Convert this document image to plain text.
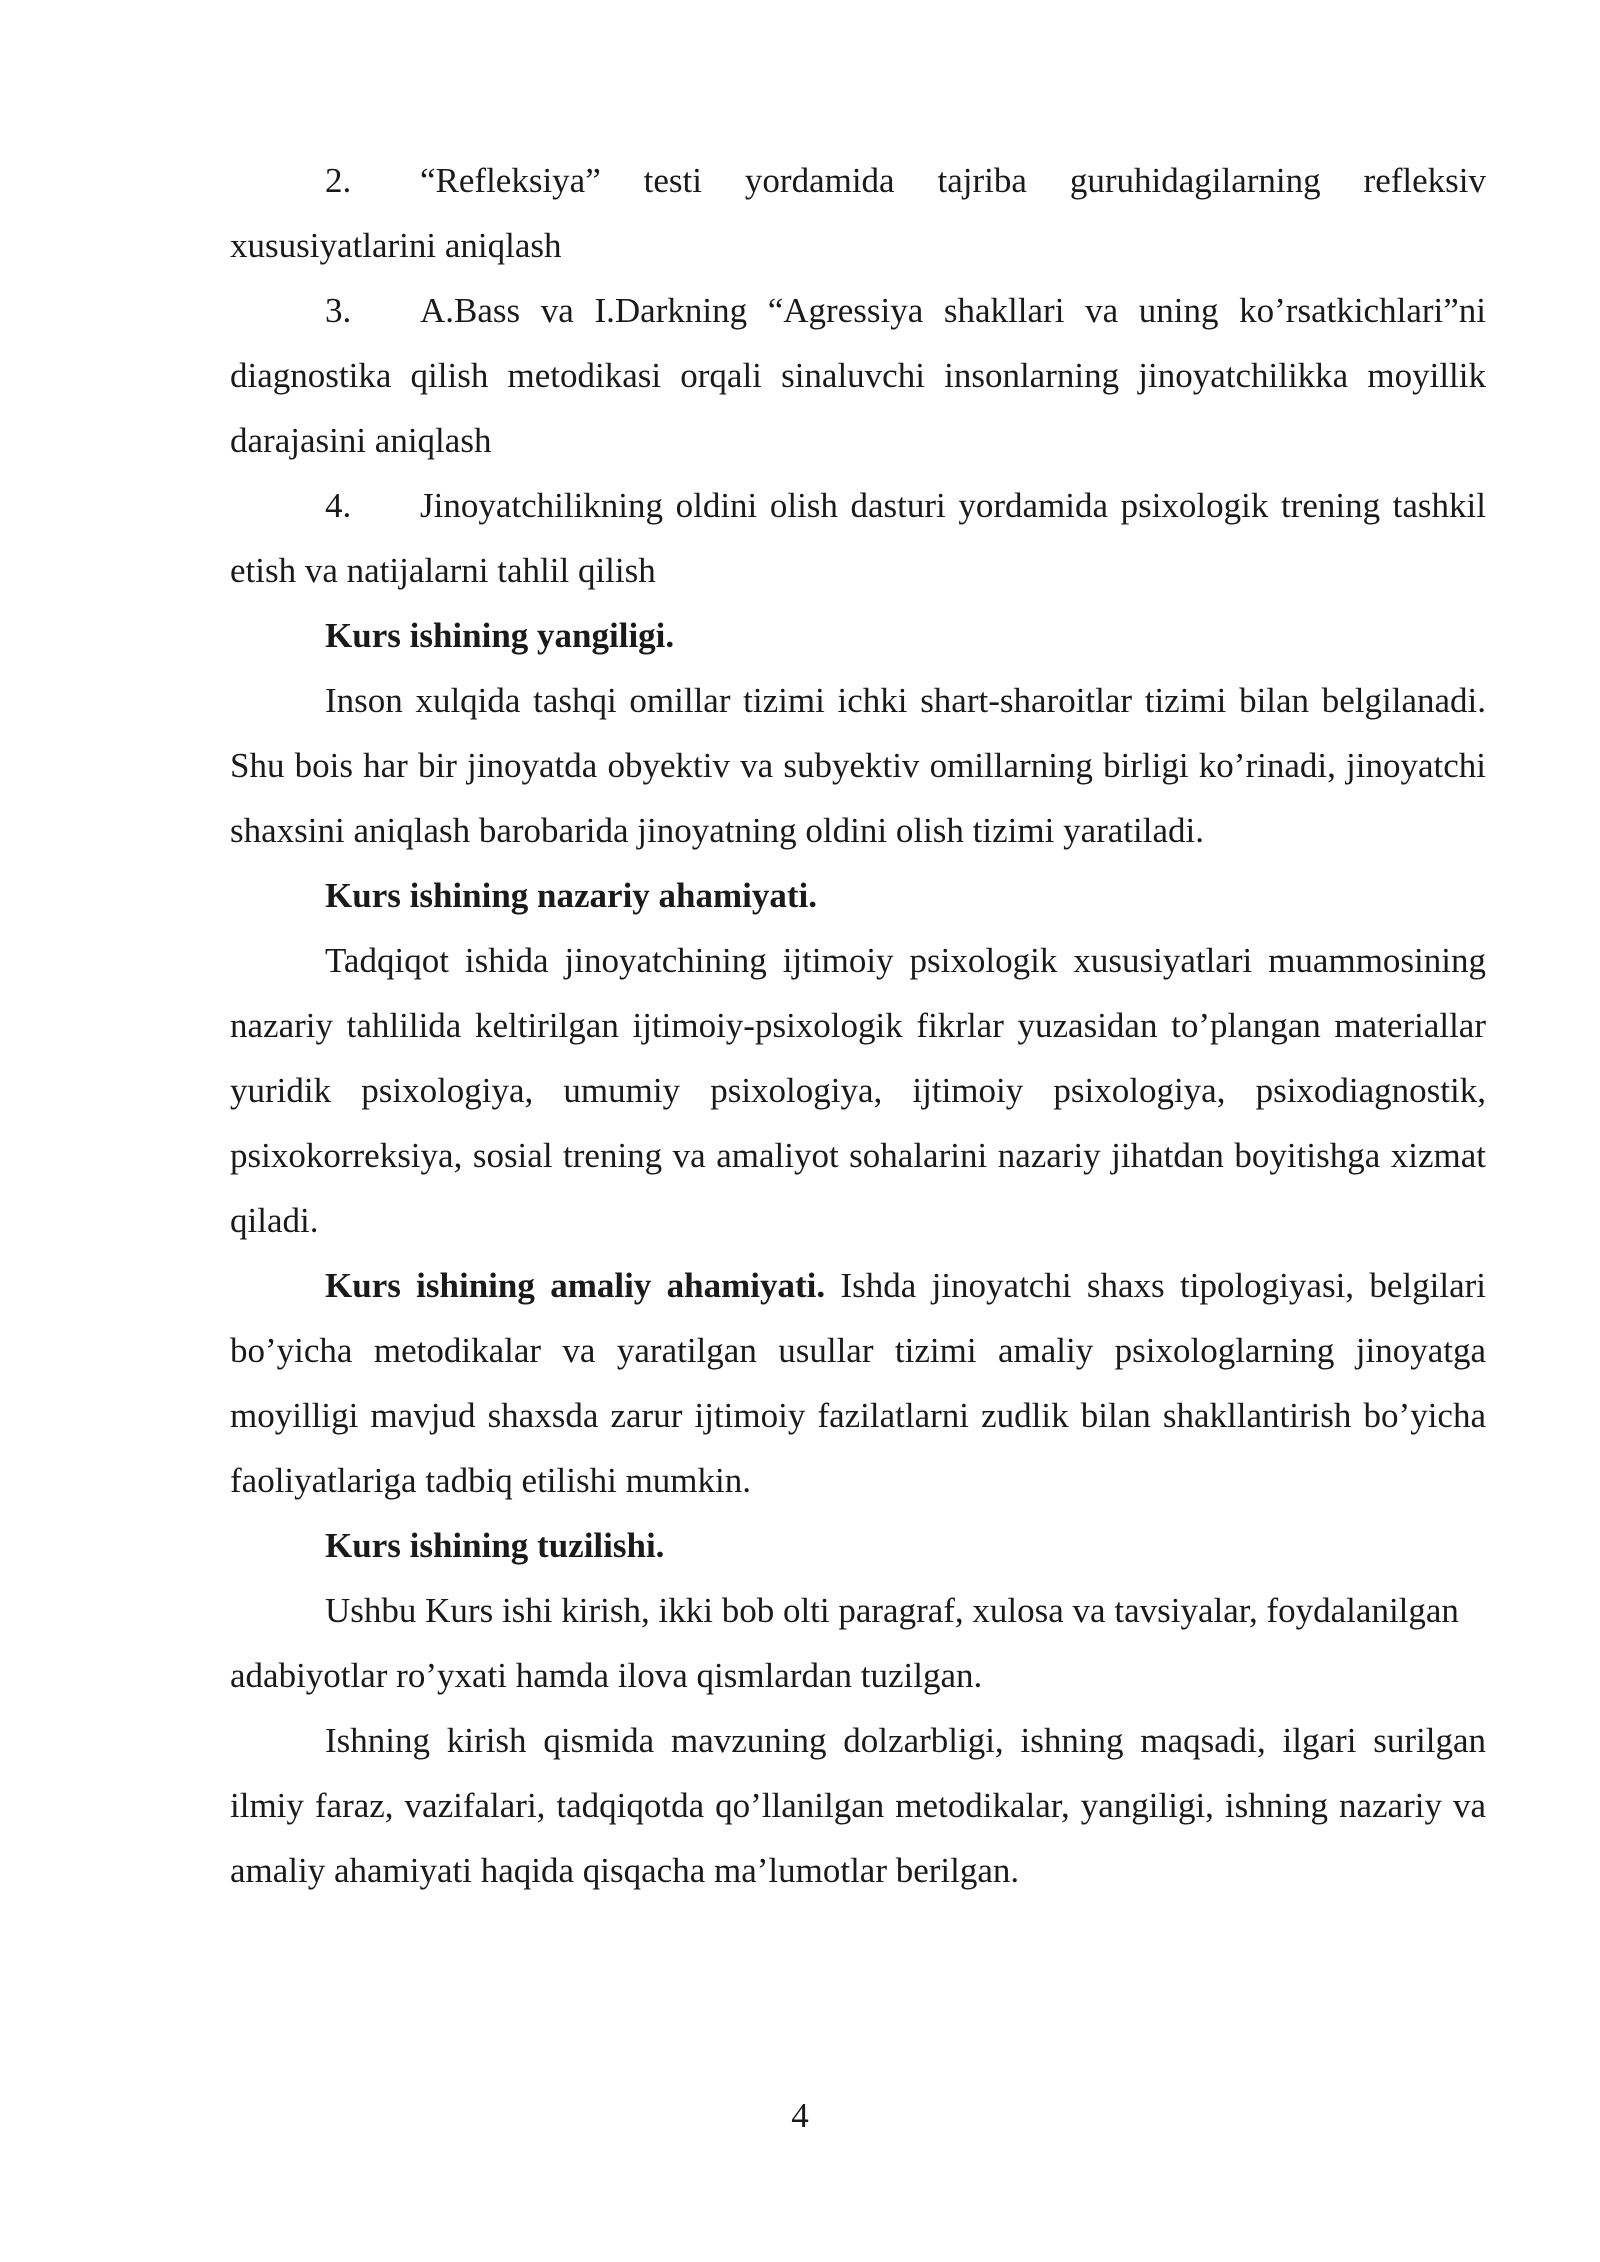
2. “Refleksiya” testi yordamida tajriba guruhidagilarning refleksiv xususiyatlarini aniqlash

3. A.Bass va I.Darkning “Agressiya shakllari va uning ko’rsatkichlari”ni diagnostika qilish metodikasi orqali sinaluvchi insonlarning jinoyatchilikka moyillik darajasini aniqlash

4. Jinoyatchilikning oldini olish dasturi yordamida psixologik trening tashkil etish va natijalarni tahlil qilish

Kurs ishining yangiligi.

Inson xulqida tashqi omillar tizimi ichki shart-sharoitlar tizimi bilan belgilanadi. Shu bois har bir jinoyatda obyektiv va subyektiv omillarning birligi ko’rinadi, jinoyatchi shaxsini aniqlash barobarida jinoyatning oldini olish tizimi yaratiladi.

Kurs ishining nazariy ahamiyati.

Tadqiqot ishida jinoyatchining ijtimoiy psixologik xususiyatlari muammosining nazariy tahlilida keltirilgan ijtimoiy-psixologik fikrlar yuzasidan to’plangan materiallar yuridik psixologiya, umumiy psixologiya, ijtimoiy psixologiya, psixodiagnostik, psixokorreksiya, sosial trening va amaliyot sohalarini nazariy jihatdan boyitishga xizmat qiladi.

Kurs ishining amaliy ahamiyati. Ishda jinoyatchi shaxs tipologiyasi, belgilari bo’yicha metodikalar va yaratilgan usullar tizimi amaliy psixologlarning jinoyatga moyilligi mavjud shaxsda zarur ijtimoiy fazilatlarni zudlik bilan shakllantirish bo’yicha faoliyatlariga tadbiq etilishi mumkin.

Kurs ishining tuzilishi.

Ushbu Kurs ishi kirish, ikki bob olti paragraf, xulosa va tavsiyalar, foydalanilgan adabiyotlar ro’yxati hamda ilova qismlardan tuzilgan.

Ishning kirish qismida mavzuning dolzarbligi, ishning maqsadi, ilgari surilgan ilmiy faraz, vazifalari, tadqiqotda qo’llanilgan metodikalar, yangiligi, ishning nazariy va amaliy ahamiyati haqida qisqacha ma’lumotlar berilgan.

4
